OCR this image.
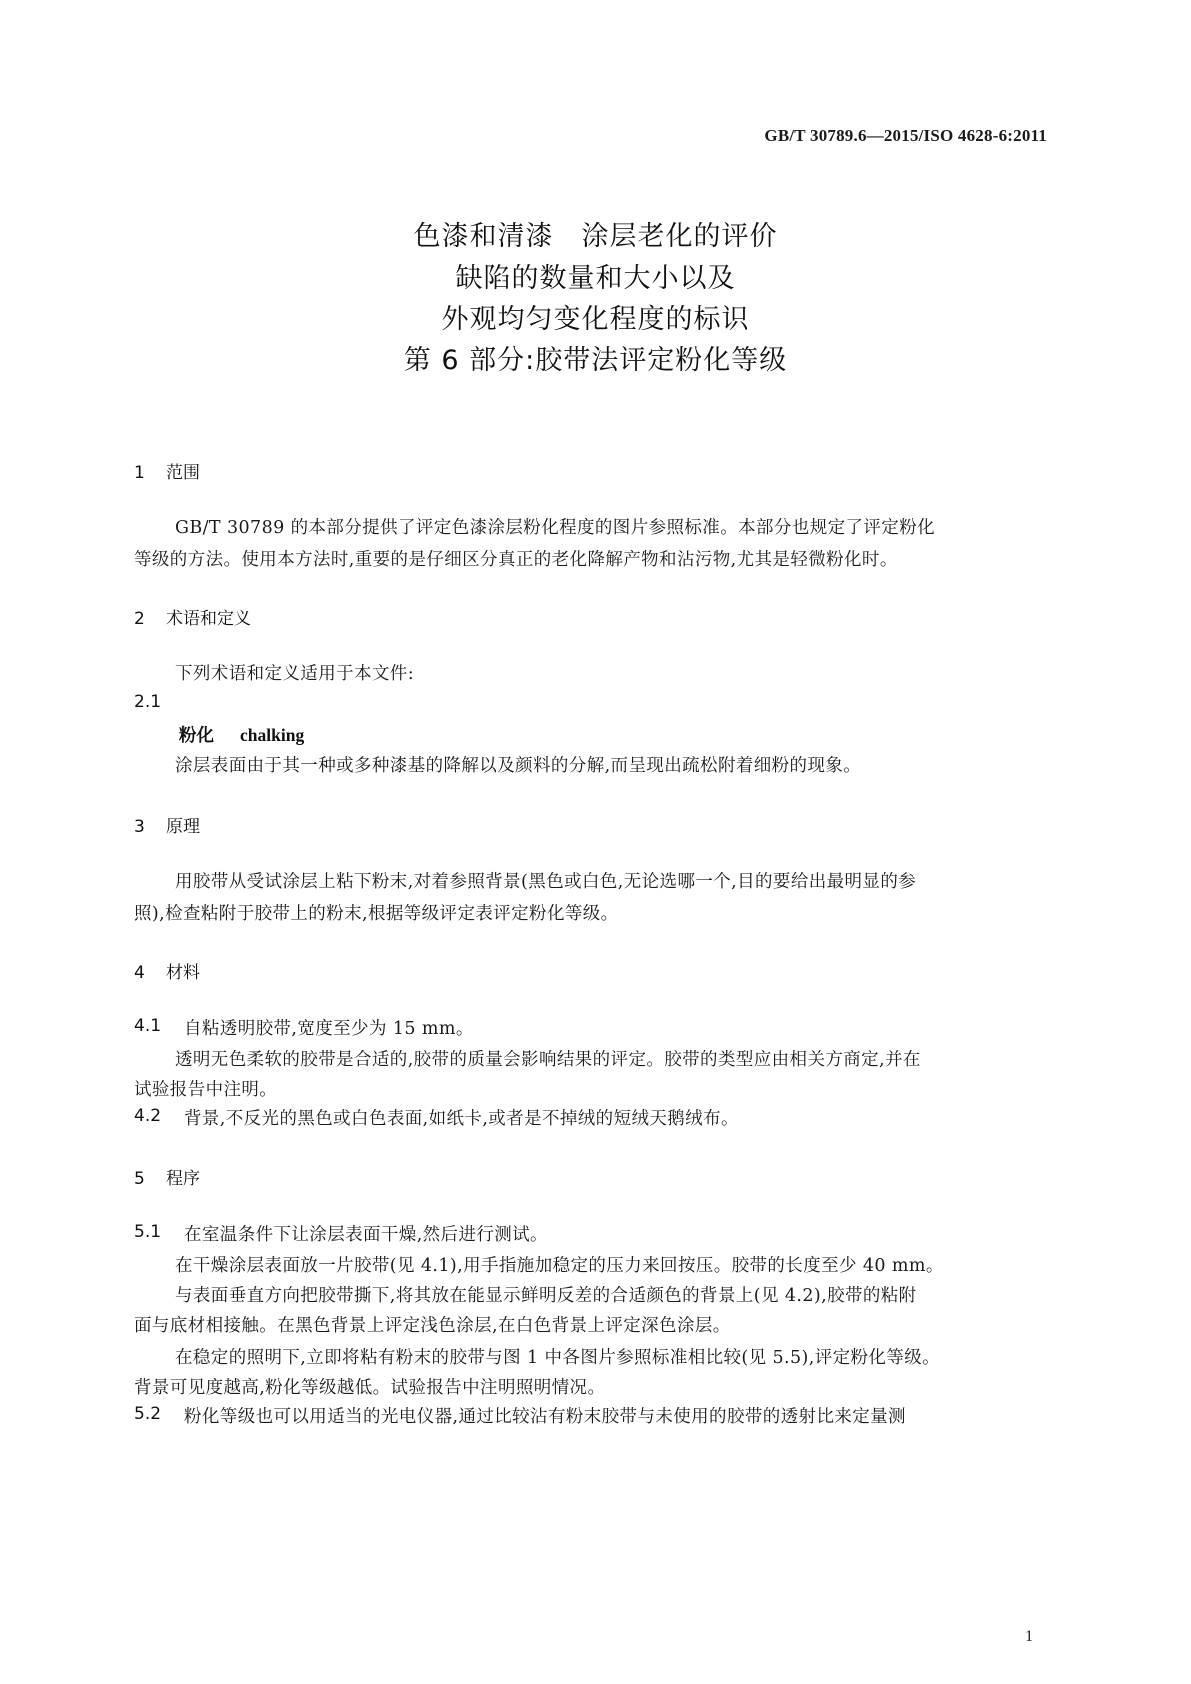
GB/T 30789.6—2015/ISO 4628-6:2011
色漆和清漆　涂层老化的评价
缺陷的数量和大小以及
外观均匀变化程度的标识
第 6 部分:胶带法评定粉化等级
1 范围
GB/T 30789 的本部分提供了评定色漆涂层粉化程度的图片参照标准。本部分也规定了评定粉化
等级的方法。使用本方法时,重要的是仔细区分真正的老化降解产物和沾污物,尤其是轻微粉化时。
2 术语和定义
下列术语和定义适用于本文件:
2.1
粉化 chalking
涂层表面由于其一种或多种漆基的降解以及颜料的分解,而呈现出疏松附着细粉的现象。
3 原理
用胶带从受试涂层上粘下粉末,对着参照背景(黑色或白色,无论选哪一个,目的要给出最明显的参
照),检查粘附于胶带上的粉末,根据等级评定表评定粉化等级。
4 材料
4.1 自粘透明胶带,宽度至少为 15 mm。
透明无色柔软的胶带是合适的,胶带的质量会影响结果的评定。胶带的类型应由相关方商定,并在
试验报告中注明。
4.2 背景,不反光的黑色或白色表面,如纸卡,或者是不掉绒的短绒天鹅绒布。
5 程序
5.1 在室温条件下让涂层表面干燥,然后进行测试。
在干燥涂层表面放一片胶带(见 4.1),用手指施加稳定的压力来回按压。胶带的长度至少 40 mm。
与表面垂直方向把胶带撕下,将其放在能显示鲜明反差的合适颜色的背景上(见 4.2),胶带的粘附
面与底材相接触。在黑色背景上评定浅色涂层,在白色背景上评定深色涂层。
在稳定的照明下,立即将粘有粉末的胶带与图 1 中各图片参照标准相比较(见 5.5),评定粉化等级。
背景可见度越高,粉化等级越低。试验报告中注明照明情况。
5.2 粉化等级也可以用适当的光电仪器,通过比较沾有粉末胶带与未使用的胶带的透射比来定量测
1
